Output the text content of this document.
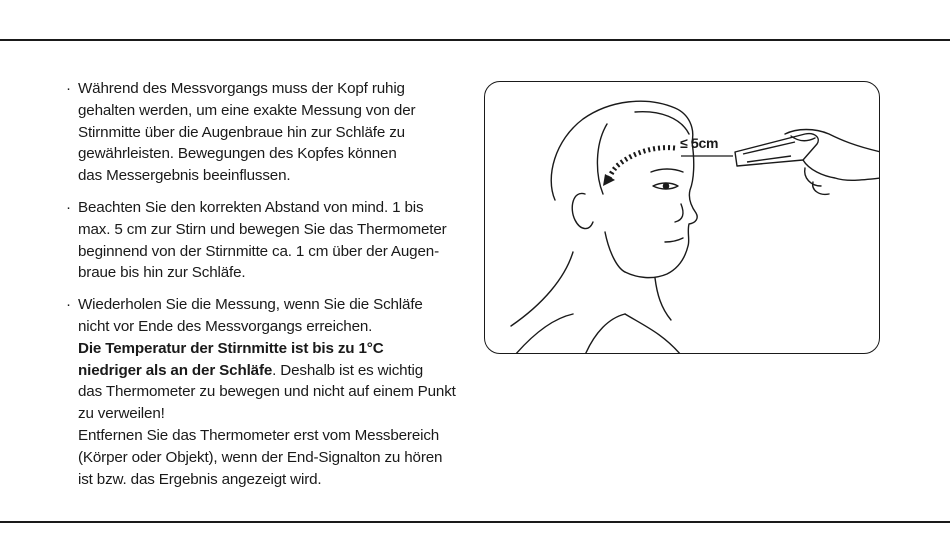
· Während des Messvorgangs muss der Kopf ruhig
gehalten werden, um eine exakte Messung von der
Stirnmitte über die Augenbraue hin zur Schläfe zu
gewährleisten. Bewegungen des Kopfes können
das Messergebnis beeinflussen.
· Beachten Sie den korrekten Abstand von mind. 1 bis
max. 5 cm zur Stirn und bewegen Sie das Thermometer
beginnend von der Stirnmitte ca. 1 cm über der Augen-
braue bis hin zur Schläfe.
· Wiederholen Sie die Messung, wenn Sie die Schläfe
nicht vor Ende des Messvorgangs erreichen.
Die Temperatur der Stirnmitte ist bis zu 1°C
niedriger als an der Schläfe. Deshalb ist es wichtig
das Thermometer zu bewegen und nicht auf einem Punkt
zu verweilen!
Entfernen Sie das Thermometer erst vom Messbereich
(Körper oder Objekt), wenn der End-Signalton zu hören
ist bzw. das Ergebnis angezeigt wird.
≤ 5cm
